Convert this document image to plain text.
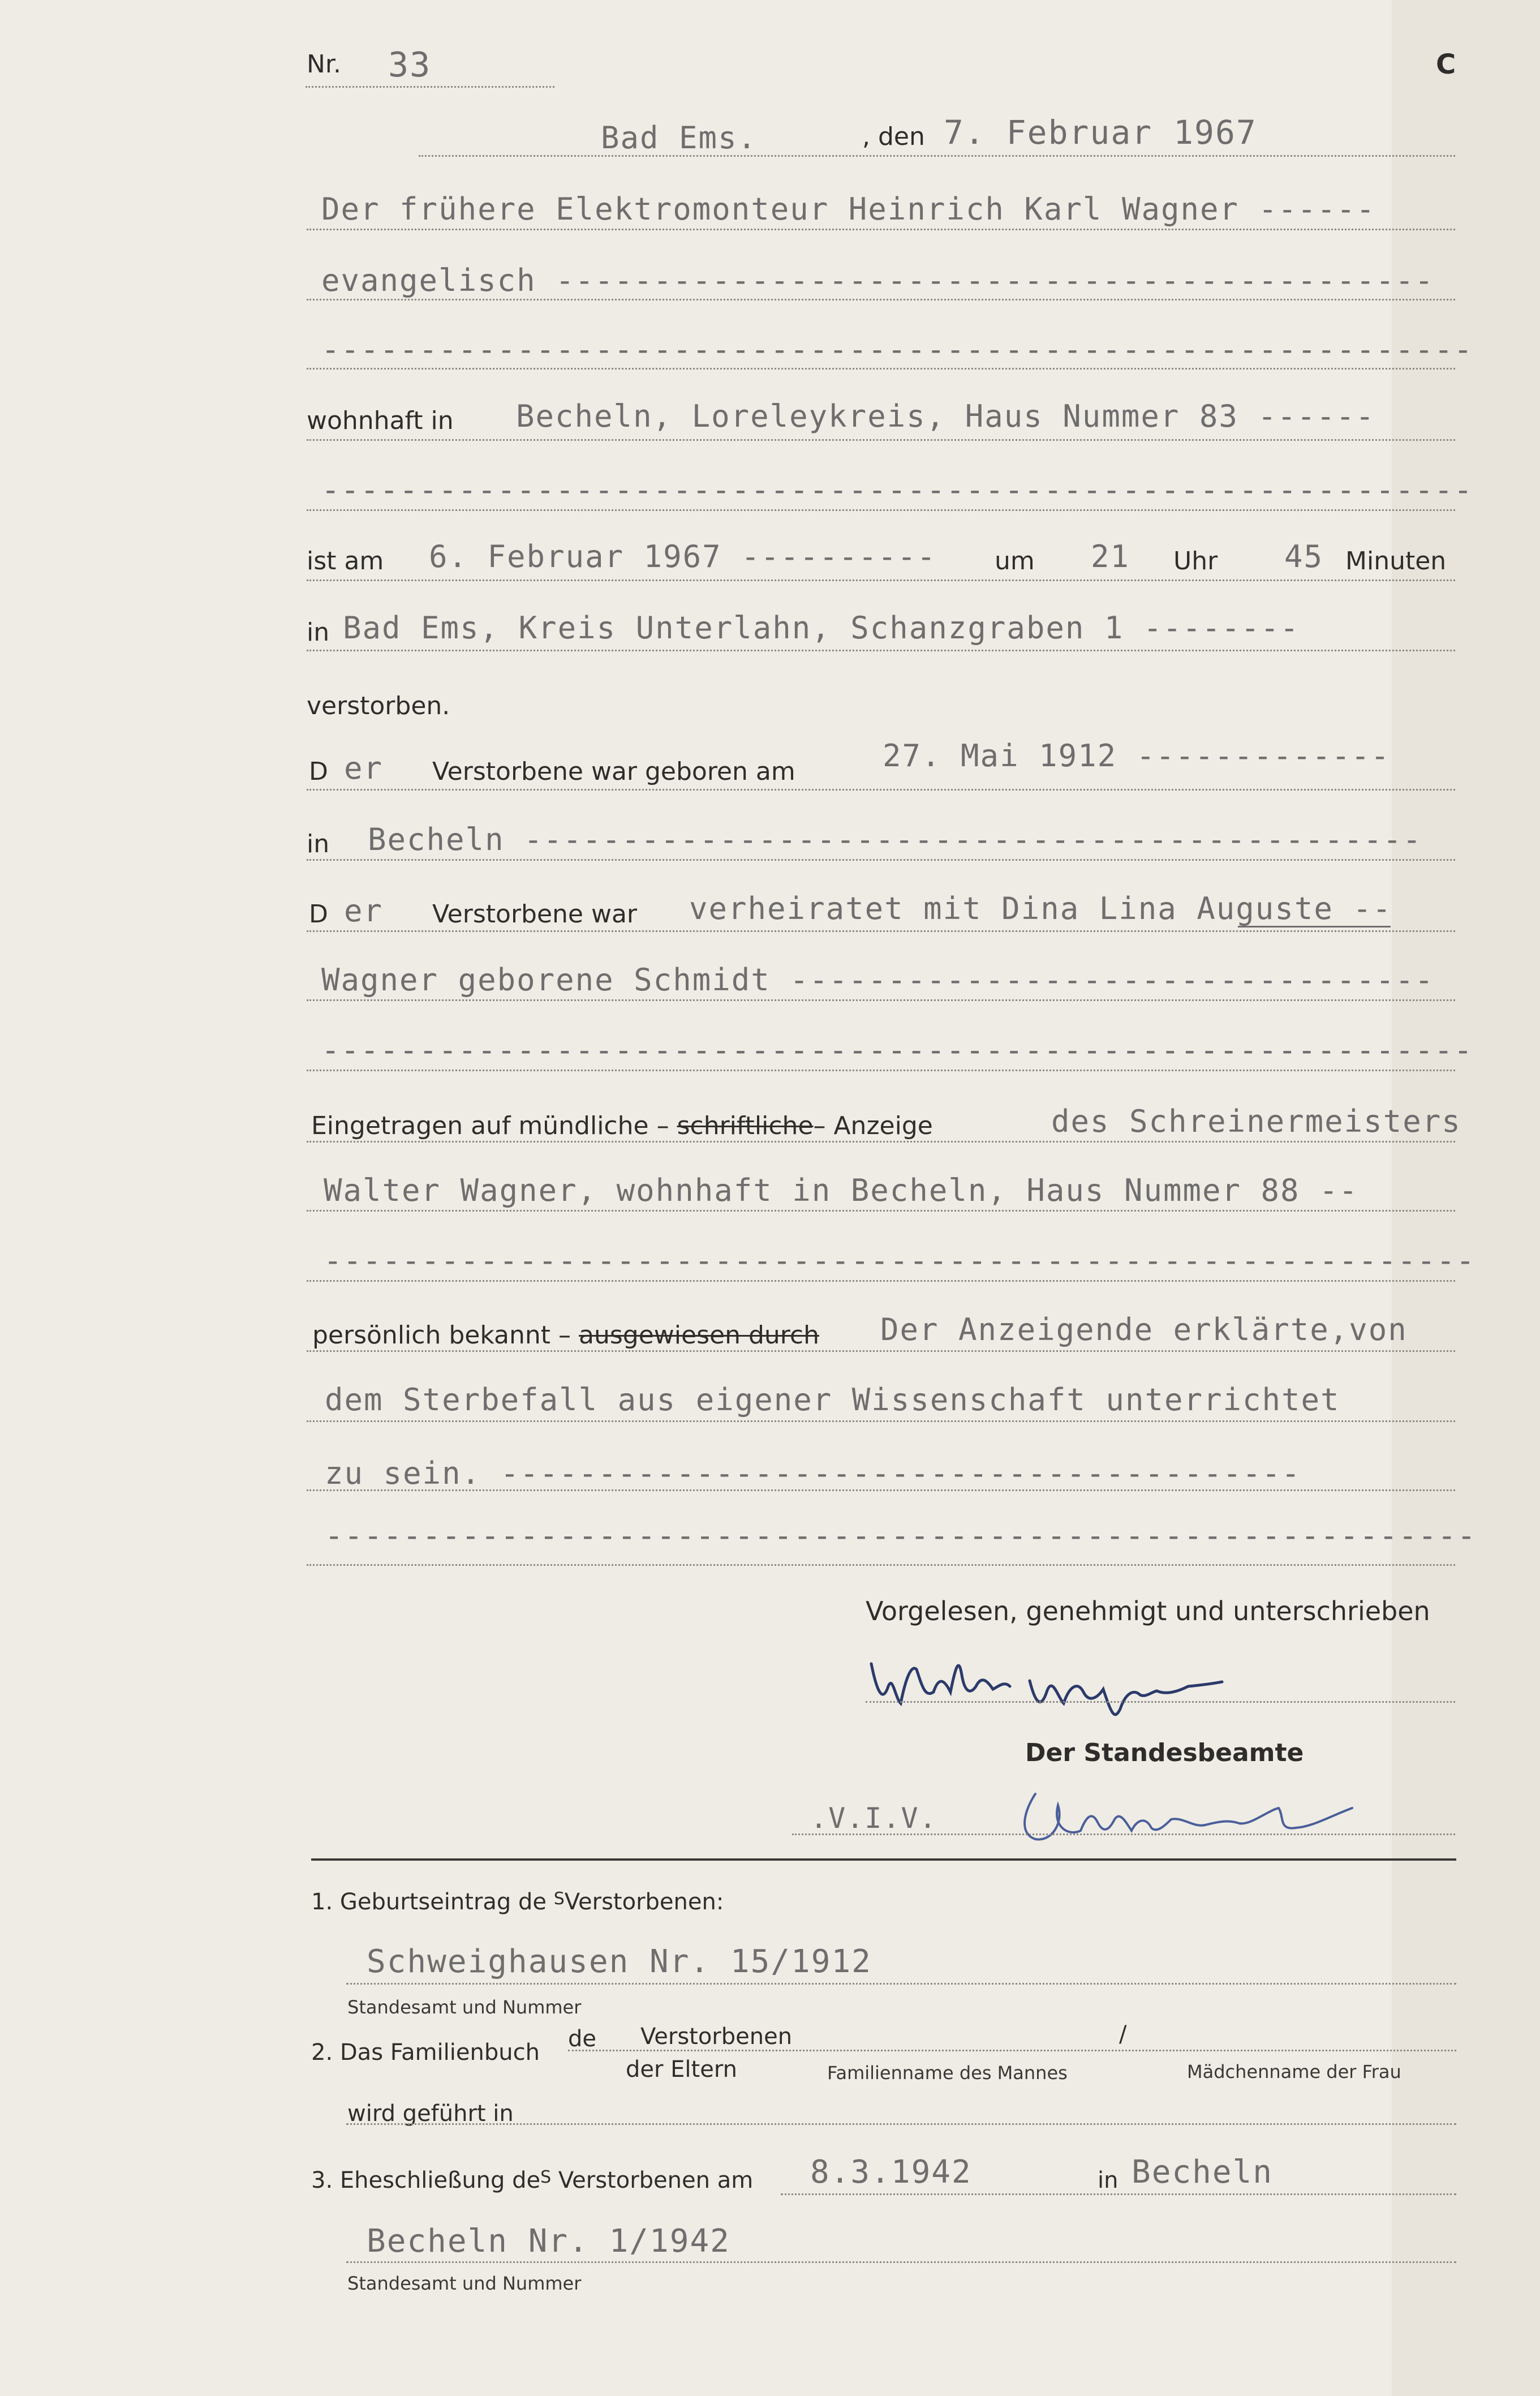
Nr. 33	C
Bad Ems.	, den 7. Februar 1967
Der frühere Elektromonteur Heinrich Karl Wagner ------
evangelisch ---------------------------------------------
-----------------------------------------------------------
wohnhaft in Becheln, Loreleykreis, Haus Nummer 83 ------
-----------------------------------------------------------
ist am 6. Februar 1967 ---------- um 21 Uhr 45 Minuten
in Bad Ems, Kreis Unterlahn, Schanzgraben 1 --------
verstorben.
D er Verstorbene war geboren am	27. Mai 1912 -------------
in Becheln ----------------------------------------------
D er Verstorbene war verheiratet mit Dina Lina Auguste --
Wagner geborene Schmidt ---------------------------------
-----------------------------------------------------------
Eingetragen auf mündliche – schriftliche– Anzeige	des Schreinermeisters
Walter Wagner, wohnhaft in Becheln, Haus Nummer 88 --
-----------------------------------------------------------
persönlich bekannt – ausgewiesen durch Der Anzeigende erklärte,von
dem Sterbefall aus eigener Wissenschaft unterrichtet
zu sein. -----------------------------------------
-----------------------------------------------------------
Vorgelesen, genehmigt und unterschrieben
Der Standesbeamte
.V.I.V.
1. Geburtseintrag de $^S$Verstorbenen:
Schweighausen Nr. 15/1912
Standesamt und Nummer
2. Das Familienbuch
de Verstorbenen	/
der Eltern	Familienname des Mannes	Mädchenname der Frau
wird geführt in
3. Eheschließung $de^S$ Verstorbenen am 8.3.1942	in Becheln
Becheln Nr. 1/1942
Standesamt und Nummer
